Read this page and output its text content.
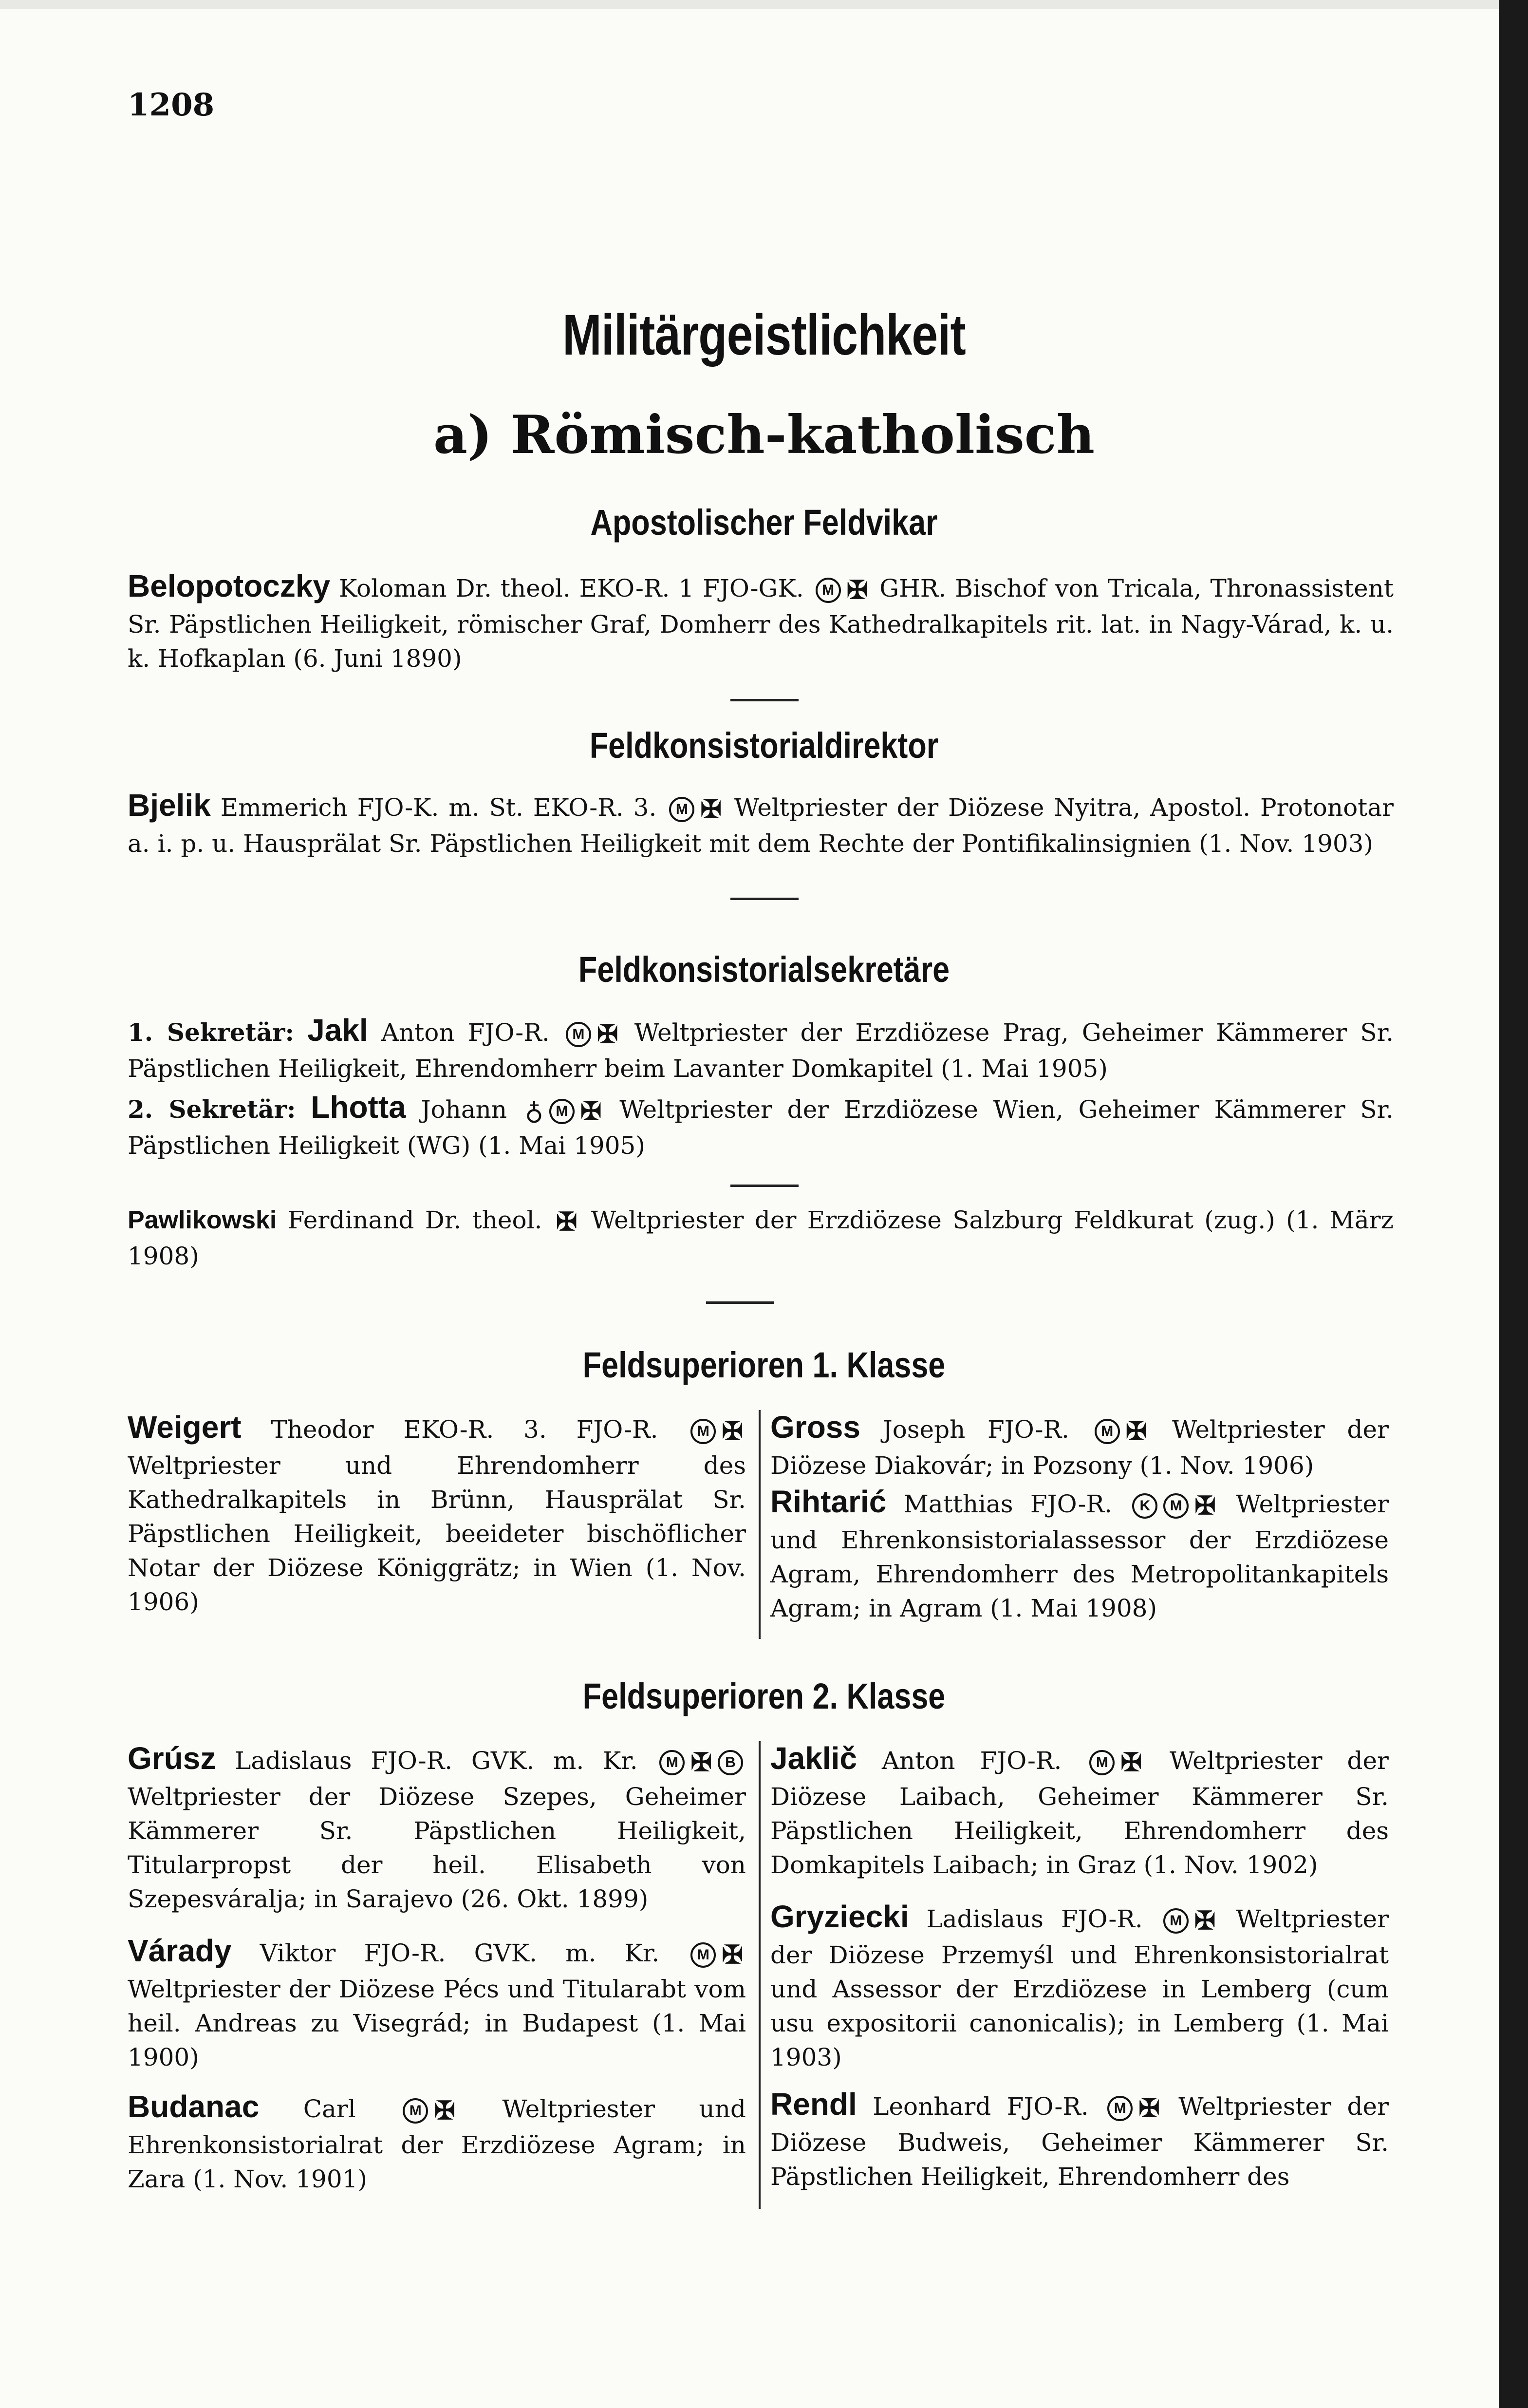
1208
Militärgeistlichkeit
a) Römisch-katholisch
Apostolischer Feldvikar
Belopotoczky Koloman Dr. theol. EKO-R. 1 FJO-GK. M ✠ GHR. Bischof von Tricala, Thronassistent Sr. Päpstlichen Heiligkeit, römischer Graf, Domherr des Kathedralkapitels rit. lat. in Nagy-Várad, k. u. k. Hofkaplan (6. Juni 1890)
Feldkonsistorialdirektor
Bjelik Emmerich FJO-K. m. St. EKO-R. 3. M ✠ Weltpriester der Diözese Nyitra, Apostol. Protonotar a. i. p. u. Hausprälat Sr. Päpstlichen Heiligkeit mit dem Rechte der Pontifikalinsignien (1. Nov. 1903)
Feldkonsistorialsekretäre
1. Sekretär: Jakl Anton FJO-R. M ✠ Weltpriester der Erzdiözese Prag, Geheimer Kämmerer Sr. Päpstlichen Heiligkeit, Ehrendomherr beim Lavanter Domkapitel (1. Mai 1905)
2. Sekretär: Lhotta Johann ♁ M ✠ Weltpriester der Erzdiözese Wien, Geheimer Kämmerer Sr. Päpstlichen Heiligkeit (WG) (1. Mai 1905)
Pawlikowski Ferdinand Dr. theol. ✠ Weltpriester der Erzdiözese Salzburg Feldkurat (zug.) (1. März 1908)
Feldsuperioren 1. Klasse
Weigert Theodor EKO-R. 3. FJO-R.	M ✠ Weltpriester und Ehrendomherr des Kathedralkapitels in Brünn, Hausprälat Sr. Päpstlichen Heiligkeit, beeideter bischöflicher Notar der Diözese Königgrätz; in Wien (1. Nov. 1906)
Gross Joseph FJO-R. M ✠ Weltpriester der Diözese Diakovár; in Pozsony (1. Nov. 1906)
Rihtarić Matthias FJO-R. K M ✠ Weltpriester und Ehrenkonsistorialassessor der Erzdiözese Agram, Ehrendomherr des Metropolitankapitels Agram; in Agram (1. Mai 1908)
Feldsuperioren 2. Klasse
Grúsz Ladislaus FJO-R. GVK. m. Kr. M ✠ B Weltpriester der Diözese Szepes, Geheimer Kämmerer Sr. Päpstlichen Heiligkeit, Titularpropst der heil. Elisabeth von Szepesváralja; in Sarajevo (26. Okt. 1899)
Várady Viktor FJO-R. GVK. m. Kr.	M ✠ Weltpriester der Diözese Pécs und Titularabt vom heil. Andreas zu Visegrád; in Budapest (1. Mai 1900)
Budanac Carl	M ✠ Weltpriester und Ehrenkonsistorialrat der Erzdiözese Agram; in Zara (1. Nov. 1901)
Jaklič Anton FJO-R. M ✠ Weltpriester der Diözese Laibach, Geheimer Kämmerer Sr. Päpstlichen Heiligkeit, Ehrendomherr des Domkapitels Laibach; in Graz (1. Nov. 1902)
Gryziecki Ladislaus FJO-R. M ✠ Weltpriester der Diözese Przemyśl und Ehrenkonsistorialrat und Assessor der Erzdiözese in Lemberg (cum usu expositorii canonicalis); in Lemberg (1. Mai 1903)
Rendl Leonhard FJO-R. M ✠ Weltpriester der Diözese Budweis, Geheimer Kämmerer Sr. Päpstlichen Heiligkeit, Ehrendomherr des
